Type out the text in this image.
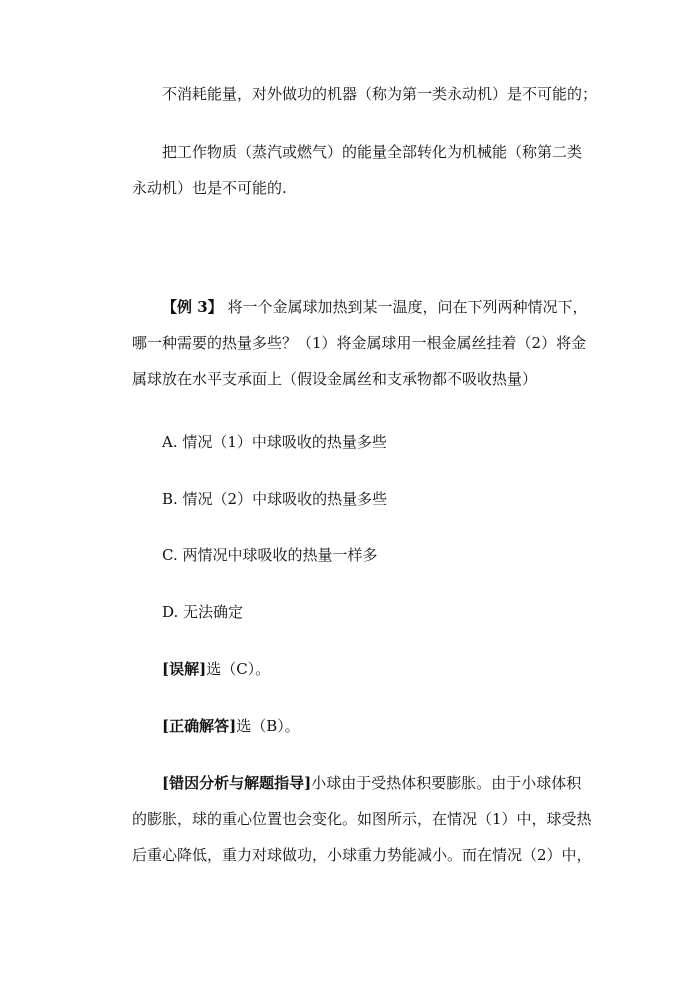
不消耗能量，对外做功的机器（称为第一类永动机）是不可能的；
把工作物质（蒸汽或燃气）的能量全部转化为机械能（称第二类
永动机）也是不可能的.
【例 3】 将一个金属球加热到某一温度，问在下列两种情况下，
哪一种需要的热量多些？（1）将金属球用一根金属丝挂着（2）将金
属球放在水平支承面上（假设金属丝和支承物都不吸收热量）
A. 情况（1）中球吸收的热量多些
B. 情况（2）中球吸收的热量多些
C. 两情况中球吸收的热量一样多
D. 无法确定
[误解]选（C）。
[正确解答]选（B）。
[错因分析与解题指导]小球由于受热体积要膨胀。由于小球体积
的膨胀，球的重心位置也会变化。如图所示，在情况（1）中，球受热
后重心降低，重力对球做功，小球重力势能减小。而在情况（2）中，
